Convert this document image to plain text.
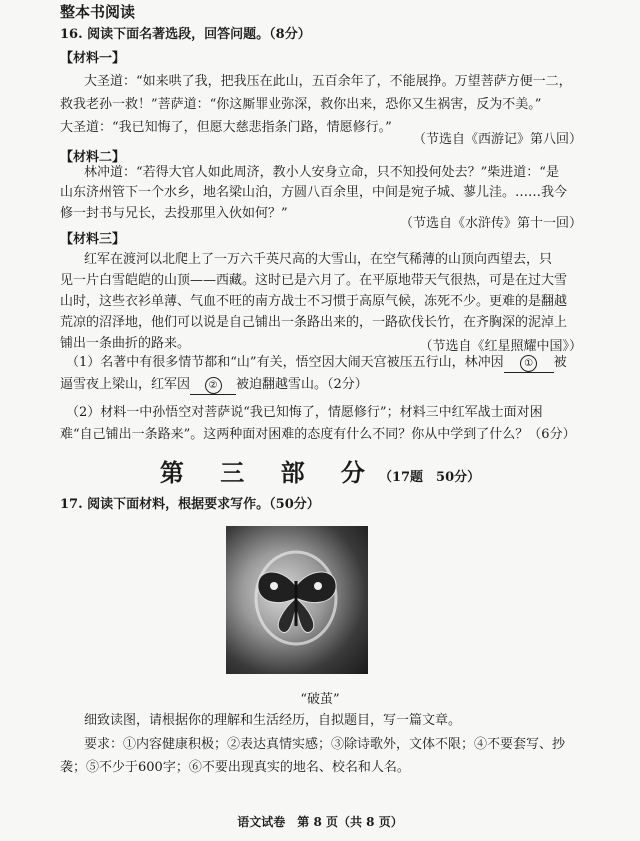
整本书阅读
16. 阅读下面名著选段，回答问题。（8分）
【材料一】
大圣道：“如来哄了我，把我压在此山，五百余年了，不能展挣。万望菩萨方便一二，
救我老孙一救！”菩萨道：“你这厮罪业弥深，救你出来，恐你又生祸害，反为不美。”
大圣道：“我已知悔了，但愿大慈悲指条门路，情愿修行。”
（节选自《西游记》第八回）
【材料二】
林冲道：“若得大官人如此周济，教小人安身立命，只不知投何处去？”柴进道：“是
山东济州管下一个水乡，地名梁山泊，方圆八百余里，中间是宛子城、蓼儿洼。……我今
修一封书与兄长，去投那里入伙如何？”
（节选自《水浒传》第十一回）
【材料三】
红军在渡河以北爬上了一万六千英尺高的大雪山，在空气稀薄的山顶向西望去，只
见一片白雪皑皑的山顶——西藏。这时已是六月了。在平原地带天气很热，可是在过大雪
山时，这些衣衫单薄、气血不旺的南方战士不习惯于高原气候，冻死不少。更难的是翻越
荒凉的沼泽地，他们可以说是自己铺出一条路出来的，一路砍伐长竹，在齐胸深的泥淖上
铺出一条曲折的路来。	（节选自《红星照耀中国》）
（1）名著中有很多情节都和“山”有关，悟空因大闹天宫被压五行山，林冲因 ① 被
逼雪夜上梁山，红军因 ② 被迫翻越雪山。（2分）
（2）材料一中孙悟空对菩萨说“我已知悔了，情愿修行”；材料三中红军战士面对困
难“自己铺出一条路来”。这两种面对困难的态度有什么不同？你从中学到了什么？（6分）
第 三 部 分（17题　50分）
17. 阅读下面材料，根据要求写作。（50分）
“破茧”
细致读图，请根据你的理解和生活经历，自拟题目，写一篇文章。
要求：①内容健康积极；②表达真情实感；③除诗歌外，文体不限；④不要套写、抄
袭；⑤不少于600字；⑥不要出现真实的地名、校名和人名。
语文试卷　第 8 页（共 8 页）
